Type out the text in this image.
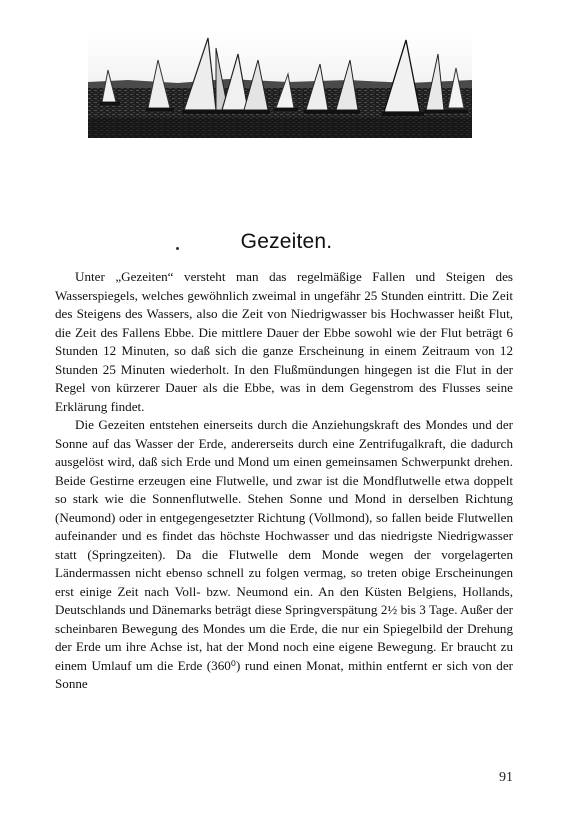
Gezeiten.

Unter „Gezeiten“ versteht man das regelmäßige Fallen und Steigen des Wasserspiegels, welches gewöhnlich zweimal in ungefähr 25 Stunden eintritt. Die Zeit des Steigens des Wassers, also die Zeit von Niedrigwasser bis Hochwasser heißt Flut, die Zeit des Fallens Ebbe. Die mittlere Dauer der Ebbe sowohl wie der Flut beträgt 6 Stunden 12 Minuten, so daß sich die ganze Erscheinung in einem Zeitraum von 12 Stunden 25 Minuten wiederholt. In den Flußmündungen hingegen ist die Flut in der Regel von kürzerer Dauer als die Ebbe, was in dem Gegenstrom des Flusses seine Erklärung findet.

Die Gezeiten entstehen einerseits durch die Anziehungskraft des Mondes und der Sonne auf das Wasser der Erde, andererseits durch eine Zentrifugalkraft, die dadurch ausgelöst wird, daß sich Erde und Mond um einen gemeinsamen Schwerpunkt drehen. Beide Gestirne erzeugen eine Flutwelle, und zwar ist die Mondflutwelle etwa doppelt so stark wie die Sonnenflutwelle. Stehen Sonne und Mond in derselben Richtung (Neumond) oder in entgegengesetzter Richtung (Vollmond), so fallen beide Flutwellen aufeinander und es findet das höchste Hochwasser und das niedrigste Niedrigwasser statt (Springzeiten). Da die Flutwelle dem Monde wegen der vorgelagerten Ländermassen nicht ebenso schnell zu folgen vermag, so treten obige Erscheinungen erst einige Zeit nach Voll- bzw. Neumond ein. An den Küsten Belgiens, Hollands, Deutschlands und Dänemarks beträgt diese Springverspätung 2½ bis 3 Tage. Außer der scheinbaren Bewegung des Mondes um die Erde, die nur ein Spiegelbild der Drehung der Erde um ihre Achse ist, hat der Mond noch eine eigene Bewegung. Er braucht zu einem Umlauf um die Erde (360⁰) rund einen Monat, mithin entfernt er sich von der Sonne

91
